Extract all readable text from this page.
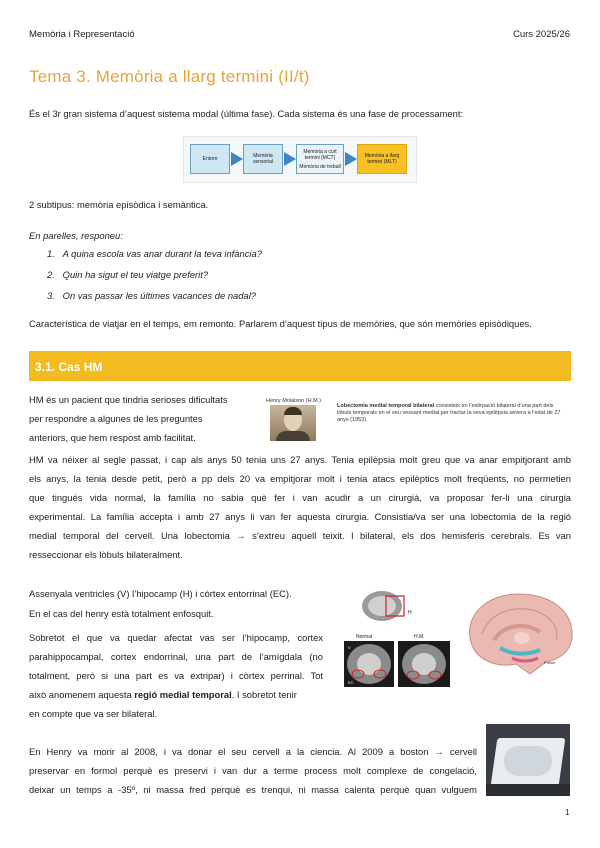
Memòria i Representació	Curs 2025/26
Tema 3. Memòria a llarg termini (II/t)
És el 3r gran sistema d’aquest sistema modal (última fase). Cada sistema és una fase de processament:
Entorn	Memòria sensorial
Memòria a curt termini (MCT)
Memòria de treball
Memòria a llarg termini (MLT)
2 subtipus: memòria episòdica i semàntica.
En parelles, responeu:
1. A quina escola vas anar durant la teva infància?
2. Quin ha sigut el teu viatge preferit?
3. On vas passar les últimes vacances de nadal?
Característica de viatjar en el temps, em remonto. Parlarem d’aquest tipus de memòries, que són memòries episòdiques.
3.1. Cas HM
HM és un pacient que tindria serioses dificultats
per respondre a algunes de les preguntes
anteriors, que hem respost amb facilitat.
Henry Molaison (H.M.)
Lobectomia medial temporal bilateral consisteix en l’extirpació bilateral d’una part dels lòbuls temporals en el seu vessant medial per tractar la seva epilèpsia severa a l’edat de 27 anys (1953).
HM va néixer al segle passat, i cap als anys 50 tenia uns 27 anys. Tenia epilèpsia molt greu que va anar empitjorant amb
els anys, la tenia desde petit, però a pp dels 20 va empitjorar molt i tenia atacs epilèptics molt freqüents, no permetien
que tingués vida normal, la família no sabia què fer i van acudir a un cirurgià, va proposar fer-li una cirurgia
experimental. La família accepta i amb 27 anys li van fer aquesta cirurgia. Consistia/va ser una lobectomia de la regió
medial temporal del cervell. Una lobectomia → s’extreu aquell teixit. I bilateral, els dos hemisferis cerebrals. Es van
resseccionar els lòbuls bilateralment.
Assenyala ventricles (V) l’hipocamp (H) i còrtex entorrinal (EC).
En el cas del henry està totalment enfosquit.
Sobretot el que va quedar afectat vas ser l’hipocamp, cortex
parahippocampal, cortex endorrinal, una part de l’amígdala (no
totalment, però si una part es va extripar) i còrtex perrinal. Tot
això anomenem aquesta regió medial temporal. I sobretot tenir
en compte que va ser bilateral.
H
Normal	H.M.
V
EC
Fornix
En Henry va morir al 2008, i va donar el seu cervell a la ciencia. Al 2009 a boston → cervell
preservar en formol perquè es preservi i van dur a terme process molt complexe de congelació,
deixar un temps a -35º, ni massa fred perquè es trenqui, ni massa calenta perquè quan vulguem
1
